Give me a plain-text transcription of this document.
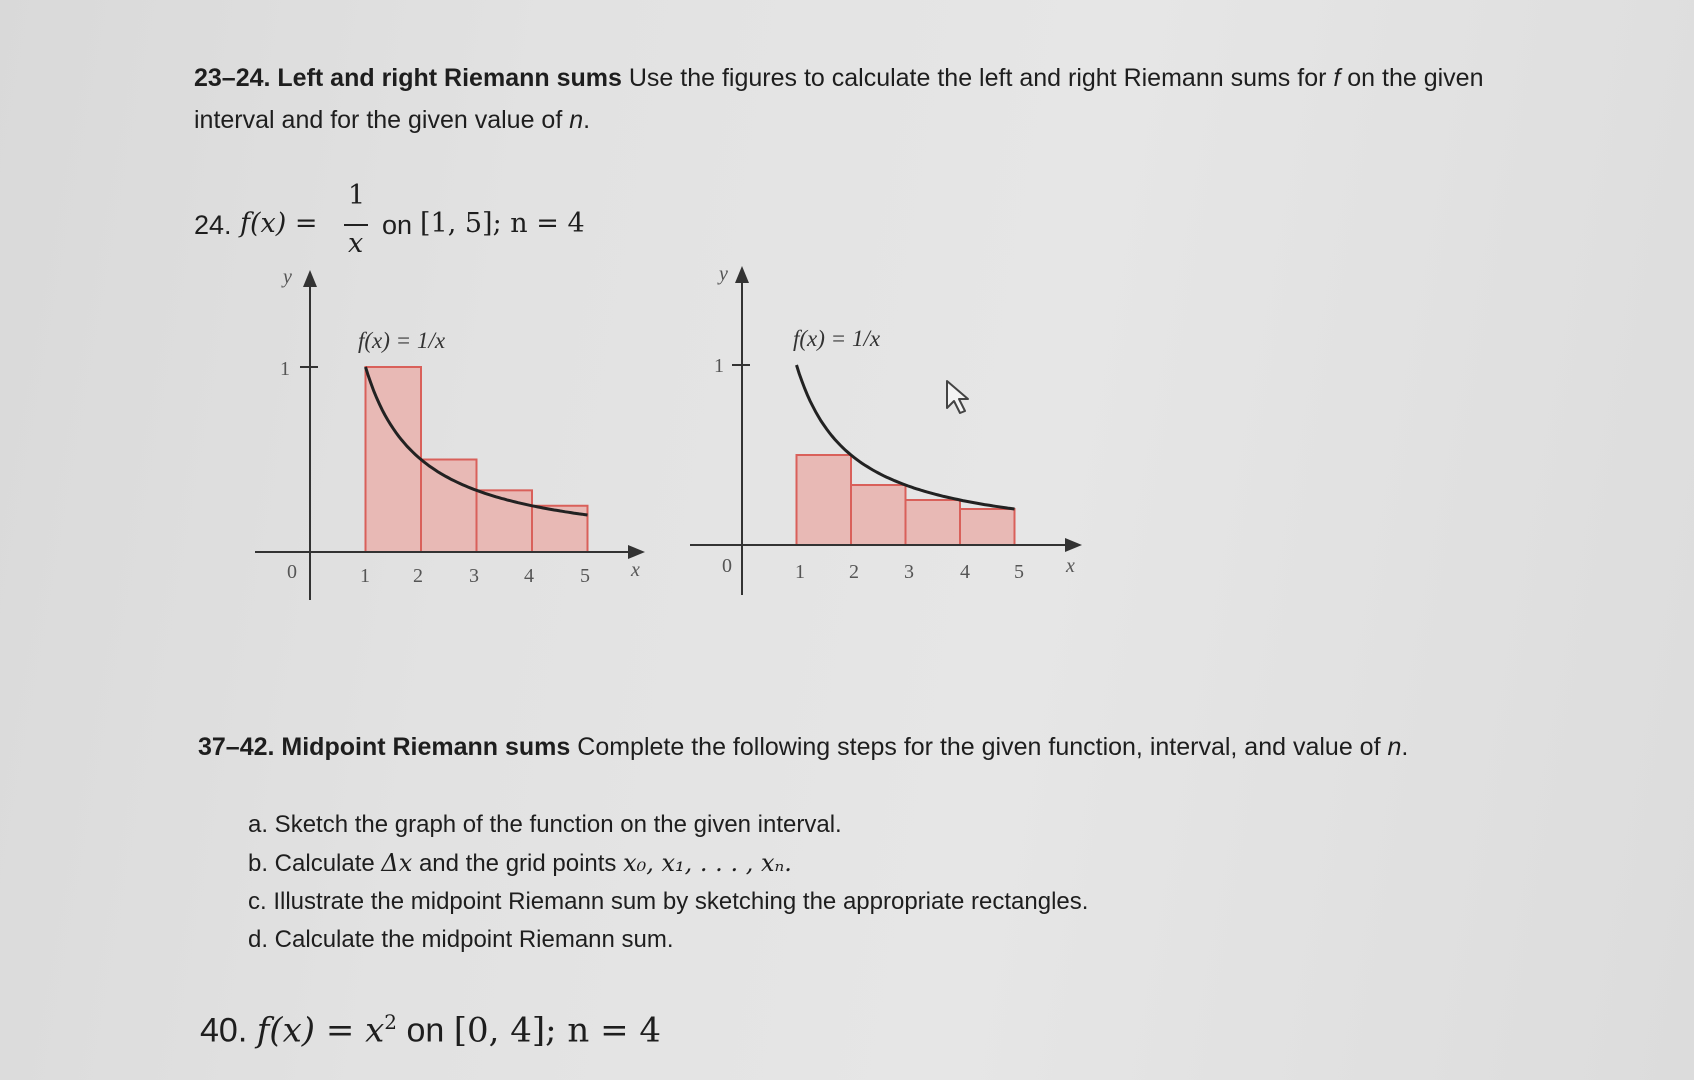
23–24. Left and right Riemann sums Use the figures to calculate the left and right Riemann sums for f on the given
interval and for the given value of n.
24. f(x) =
1
x
on [1, 5]; n = 4
y
1
0	x
1 2 3 4 5
f(x) = 1/x
y
1
0	x
1 2 3 4 5
f(x) = 1/x
37–42. Midpoint Riemann sums Complete the following steps for the given function, interval, and value of n.
a. Sketch the graph of the function on the given interval.
b. Calculate Δx and the grid points x₀, x₁, . . . , xₙ.
c. Illustrate the midpoint Riemann sum by sketching the appropriate rectangles.
d. Calculate the midpoint Riemann sum.
40. $f(x) = x^2$ on [0, 4]; n = 4
